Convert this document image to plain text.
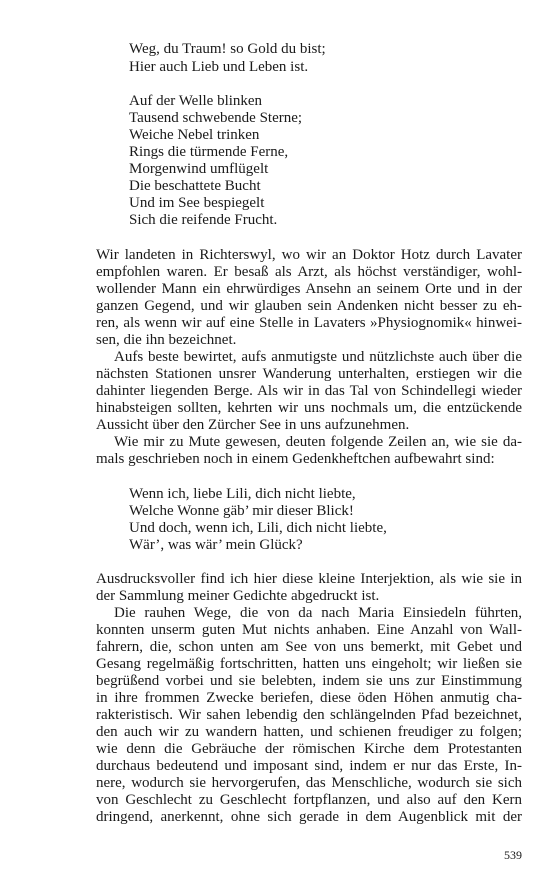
Weg, du Traum! so Gold du bist;

Hier auch Lieb und Leben ist.

Auf der Welle blinken

Tausend schwebende Sterne;

Weiche Nebel trinken

Rings die türmende Ferne,

Morgenwind umflügelt

Die beschattete Bucht

Und im See bespiegelt

Sich die reifende Frucht.

Wir landeten in Richterswyl, wo wir an Doktor Hotz durch Lavater

empfohlen waren. Er besaß als Arzt, als höchst verständiger, wohl-

wollender Mann ein ehrwürdiges Ansehn an seinem Orte und in der

ganzen Gegend, und wir glauben sein Andenken nicht besser zu eh-

ren, als wenn wir auf eine Stelle in Lavaters »Physiognomik« hinwei-

sen, die ihn bezeichnet.

Aufs beste bewirtet, aufs anmutigste und nützlichste auch über die

nächsten Stationen unsrer Wanderung unterhalten, erstiegen wir die

dahinter liegenden Berge. Als wir in das Tal von Schindellegi wieder

hinabsteigen sollten, kehrten wir uns nochmals um, die entzückende

Aussicht über den Zürcher See in uns aufzunehmen.

Wie mir zu Mute gewesen, deuten folgende Zeilen an, wie sie da-

mals geschrieben noch in einem Gedenkheftchen aufbewahrt sind:

Wenn ich, liebe Lili, dich nicht liebte,

Welche Wonne gäb’ mir dieser Blick!

Und doch, wenn ich, Lili, dich nicht liebte,

Wär’, was wär’ mein Glück?

Ausdrucksvoller find ich hier diese kleine Interjektion, als wie sie in

der Sammlung meiner Gedichte abgedruckt ist.

Die rauhen Wege, die von da nach Maria Einsiedeln führten,

konnten unserm guten Mut nichts anhaben. Eine Anzahl von Wall-

fahrern, die, schon unten am See von uns bemerkt, mit Gebet und

Gesang regelmäßig fortschritten, hatten uns eingeholt; wir ließen sie

begrüßend vorbei und sie belebten, indem sie uns zur Einstimmung

in ihre frommen Zwecke beriefen, diese öden Höhen anmutig cha-

rakteristisch. Wir sahen lebendig den schlängelnden Pfad bezeichnet,

den auch wir zu wandern hatten, und schienen freudiger zu folgen;

wie denn die Gebräuche der römischen Kirche dem Protestanten

durchaus bedeutend und imposant sind, indem er nur das Erste, In-

nere, wodurch sie hervorgerufen, das Menschliche, wodurch sie sich

von Geschlecht zu Geschlecht fortpflanzen, und also auf den Kern

dringend, anerkennt, ohne sich gerade in dem Augenblick mit der

539
